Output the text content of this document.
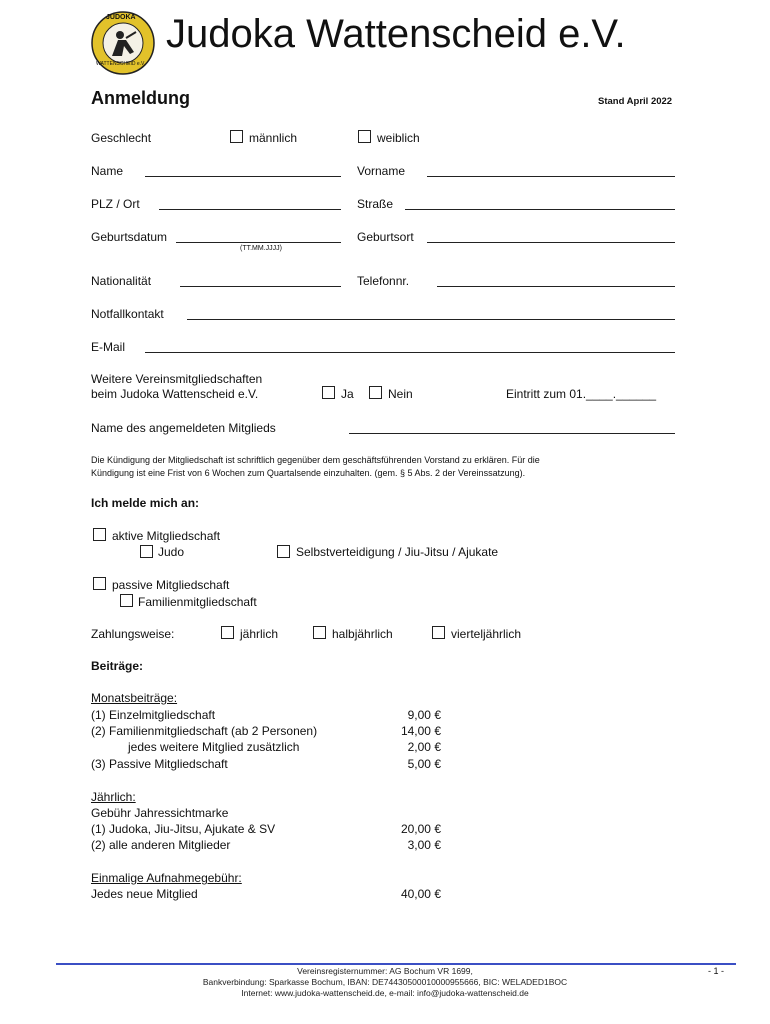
JUDOKA
WATTENSCHEID e.V.
Judoka Wattenscheid e.V.
Anmeldung	Stand April 2022
Geschlecht	männlich	weiblich
Name	Vorname
PLZ / Ort	Straße
Geburtsdatum
(TT.MM.JJJJ)
Geburtsort
Nationalität	Telefonnr.
Notfallkontakt
E-Mail
Weitere Vereinsmitgliedschaften
beim Judoka Wattenscheid e.V.	Ja	Nein	Eintritt zum 01.____.______
Name des angemeldeten Mitglieds
Die Kündigung der Mitgliedschaft ist schriftlich gegenüber dem geschäftsführenden Vorstand zu erklären. Für die
Kündigung ist eine Frist von 6 Wochen zum Quartalsende einzuhalten. (gem. § 5 Abs. 2 der Vereinssatzung).
Ich melde mich an:
aktive Mitgliedschaft
Judo	Selbstverteidigung / Jiu-Jitsu / Ajukate
passive Mitgliedschaft
Familienmitgliedschaft
Zahlungsweise:	jährlich	halbjährlich	vierteljährlich
Beiträge:
Monatsbeiträge:
(1) Einzelmitgliedschaft	9,00 €
(2) Familienmitgliedschaft (ab 2 Personen)	14,00 €
jedes weitere Mitglied zusätzlich	2,00 €
(3) Passive Mitgliedschaft	5,00 €
Jährlich:
Gebühr Jahressichtmarke
(1) Judoka, Jiu-Jitsu, Ajukate & SV	20,00 €
(2) alle anderen Mitglieder	3,00 €
Einmalige Aufnahmegebühr:
Jedes neue Mitglied	40,00 €
Vereinsregisternummer: AG Bochum VR 1699,
Bankverbindung: Sparkasse Bochum, IBAN: DE74430500010000955666, BIC: WELADED1BOC
Internet: www.judoka-wattenscheid.de, e-mail: info@judoka-wattenscheid.de
- 1 -
